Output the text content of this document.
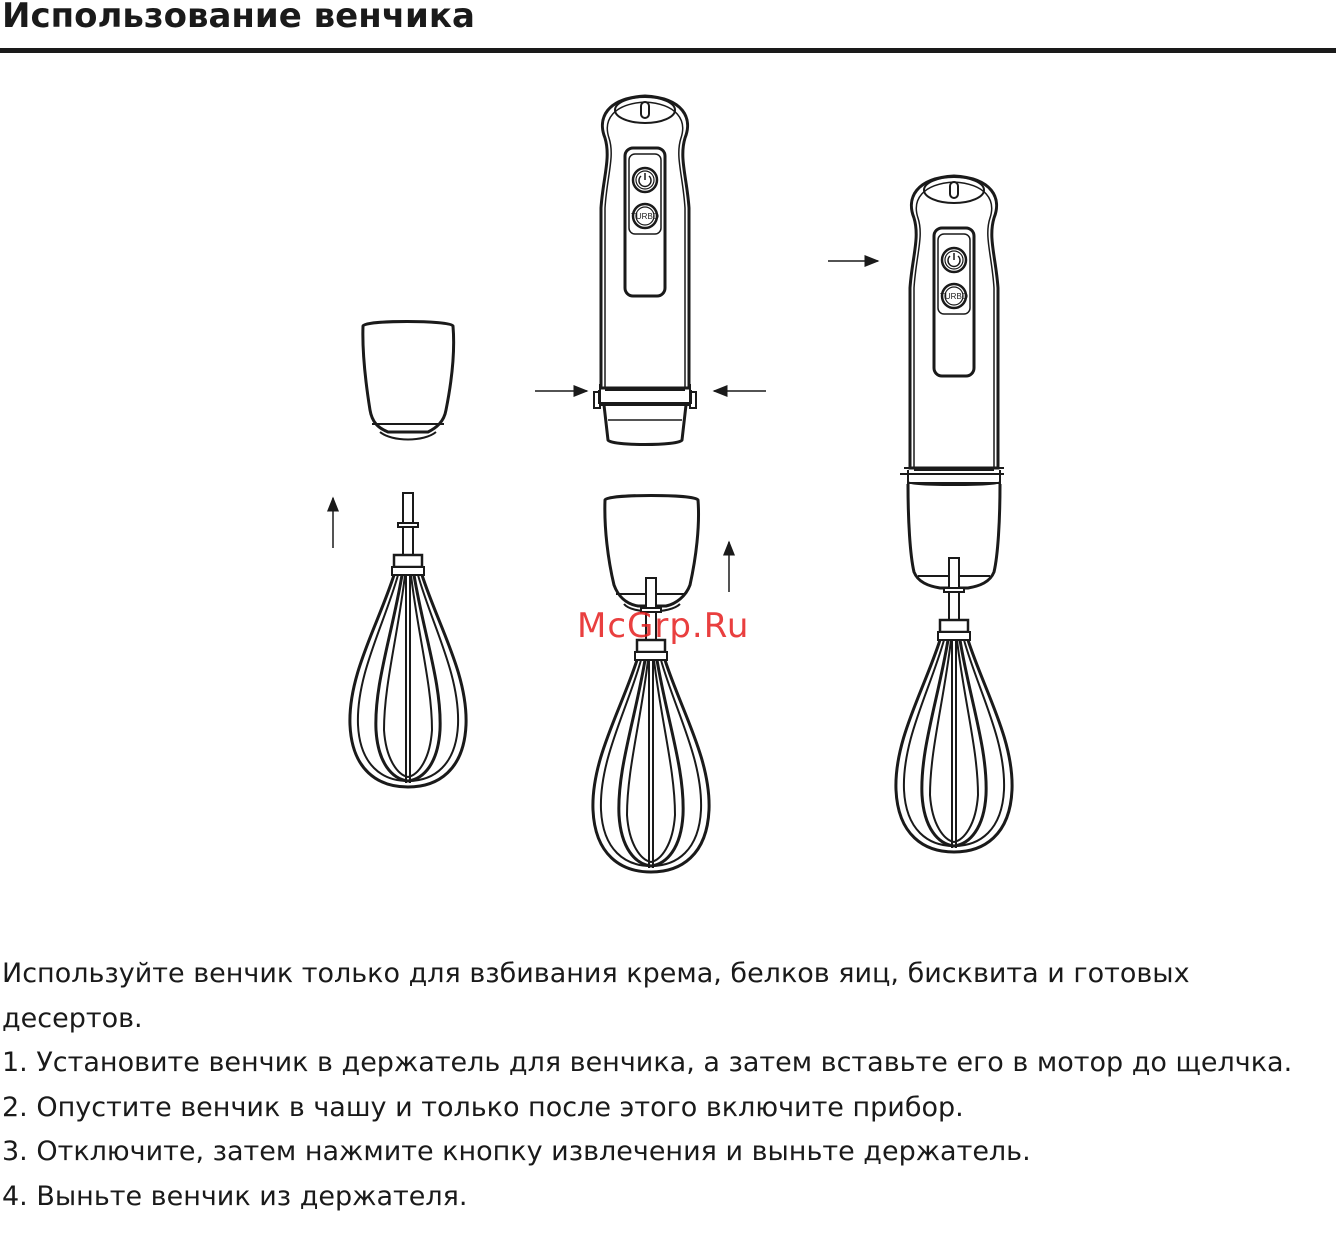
Использование венчика
TURBO
TURBO
McGrp.Ru

Используйте венчик только для взбивания крема, белков яиц, бисквита и готовых десертов.

1. Установите венчик в держатель для венчика, а затем вставьте его в мотор до щелчка.

2. Опустите венчик в чашу и только после этого включите прибор.

3. Отключите, затем нажмите кнопку извлечения и выньте держатель.

4. Выньте венчик из держателя.
